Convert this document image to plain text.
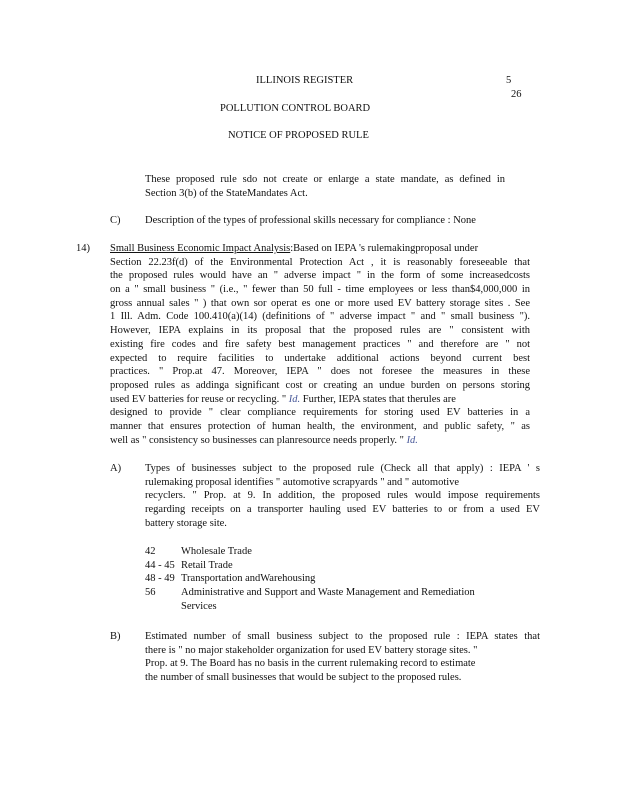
ILLINOIS REGISTER	5
26
POLLUTION CONTROL BOARD
NOTICE OF PROPOSED RULE
These proposed rule sdo not create or enlarge a state mandate, as defined in
Section 3(b) of the StateMandates Act.
C) Description of the types of professional skills necessary for compliance : None
14) Small Business Economic Impact Analysis:Based on IEPA 's rulemakingproposal under
Section 22.23f(d) of the Environmental Protection Act , it is reasonably foreseeable that
the proposed rules would have an " adverse impact " in the form of some increasedcosts
on a " small business " (i.e., " fewer than 50 full - time employees or less than$4,000,000 in
gross annual sales " ) that own sor operat es one or more used EV battery storage sites . See
1 Ill. Adm. Code 100.410(a)(14) (definitions of " adverse impact " and " small business ").
However, IEPA explains in its proposal that the proposed rules are " consistent with
existing fire codes and fire safety best management practices " and therefore are " not
expected to require facilities to undertake additional actions beyond current best
practices. " Prop.at 47. Moreover, IEPA " does not foresee the measures in these
proposed rules as addinga significant cost or creating an undue burden on persons storing
used EV batteries for reuse or recycling. " Id. Further, IEPA states that therules are
designed to provide " clear compliance requirements for storing used EV batteries in a
manner that ensures protection of human health, the environment, and public safety, " as
well as " consistency so businesses can planresource needs properly. " Id.
A) Types of businesses subject to the proposed rule (Check all that apply) : IEPA ' s
rulemaking proposal identifies " automotive scrapyards " and " automotive
recyclers. " Prop. at 9. In addition, the proposed rules would impose requirements
regarding receipts on a transporter hauling used EV batteries to or from a used EV
battery storage site.
42	Wholesale Trade
44 - 45 Retail Trade
48 - 49 Transportation andWarehousing
56	Administrative and Support and Waste Management and Remediation
Services
B) Estimated number of small business subject to the proposed rule : IEPA states that
there is " no major stakeholder organization for used EV battery storage sites. "
Prop. at 9. The Board has no basis in the current rulemaking record to estimate
the number of small businesses that would be subject to the proposed rules.
